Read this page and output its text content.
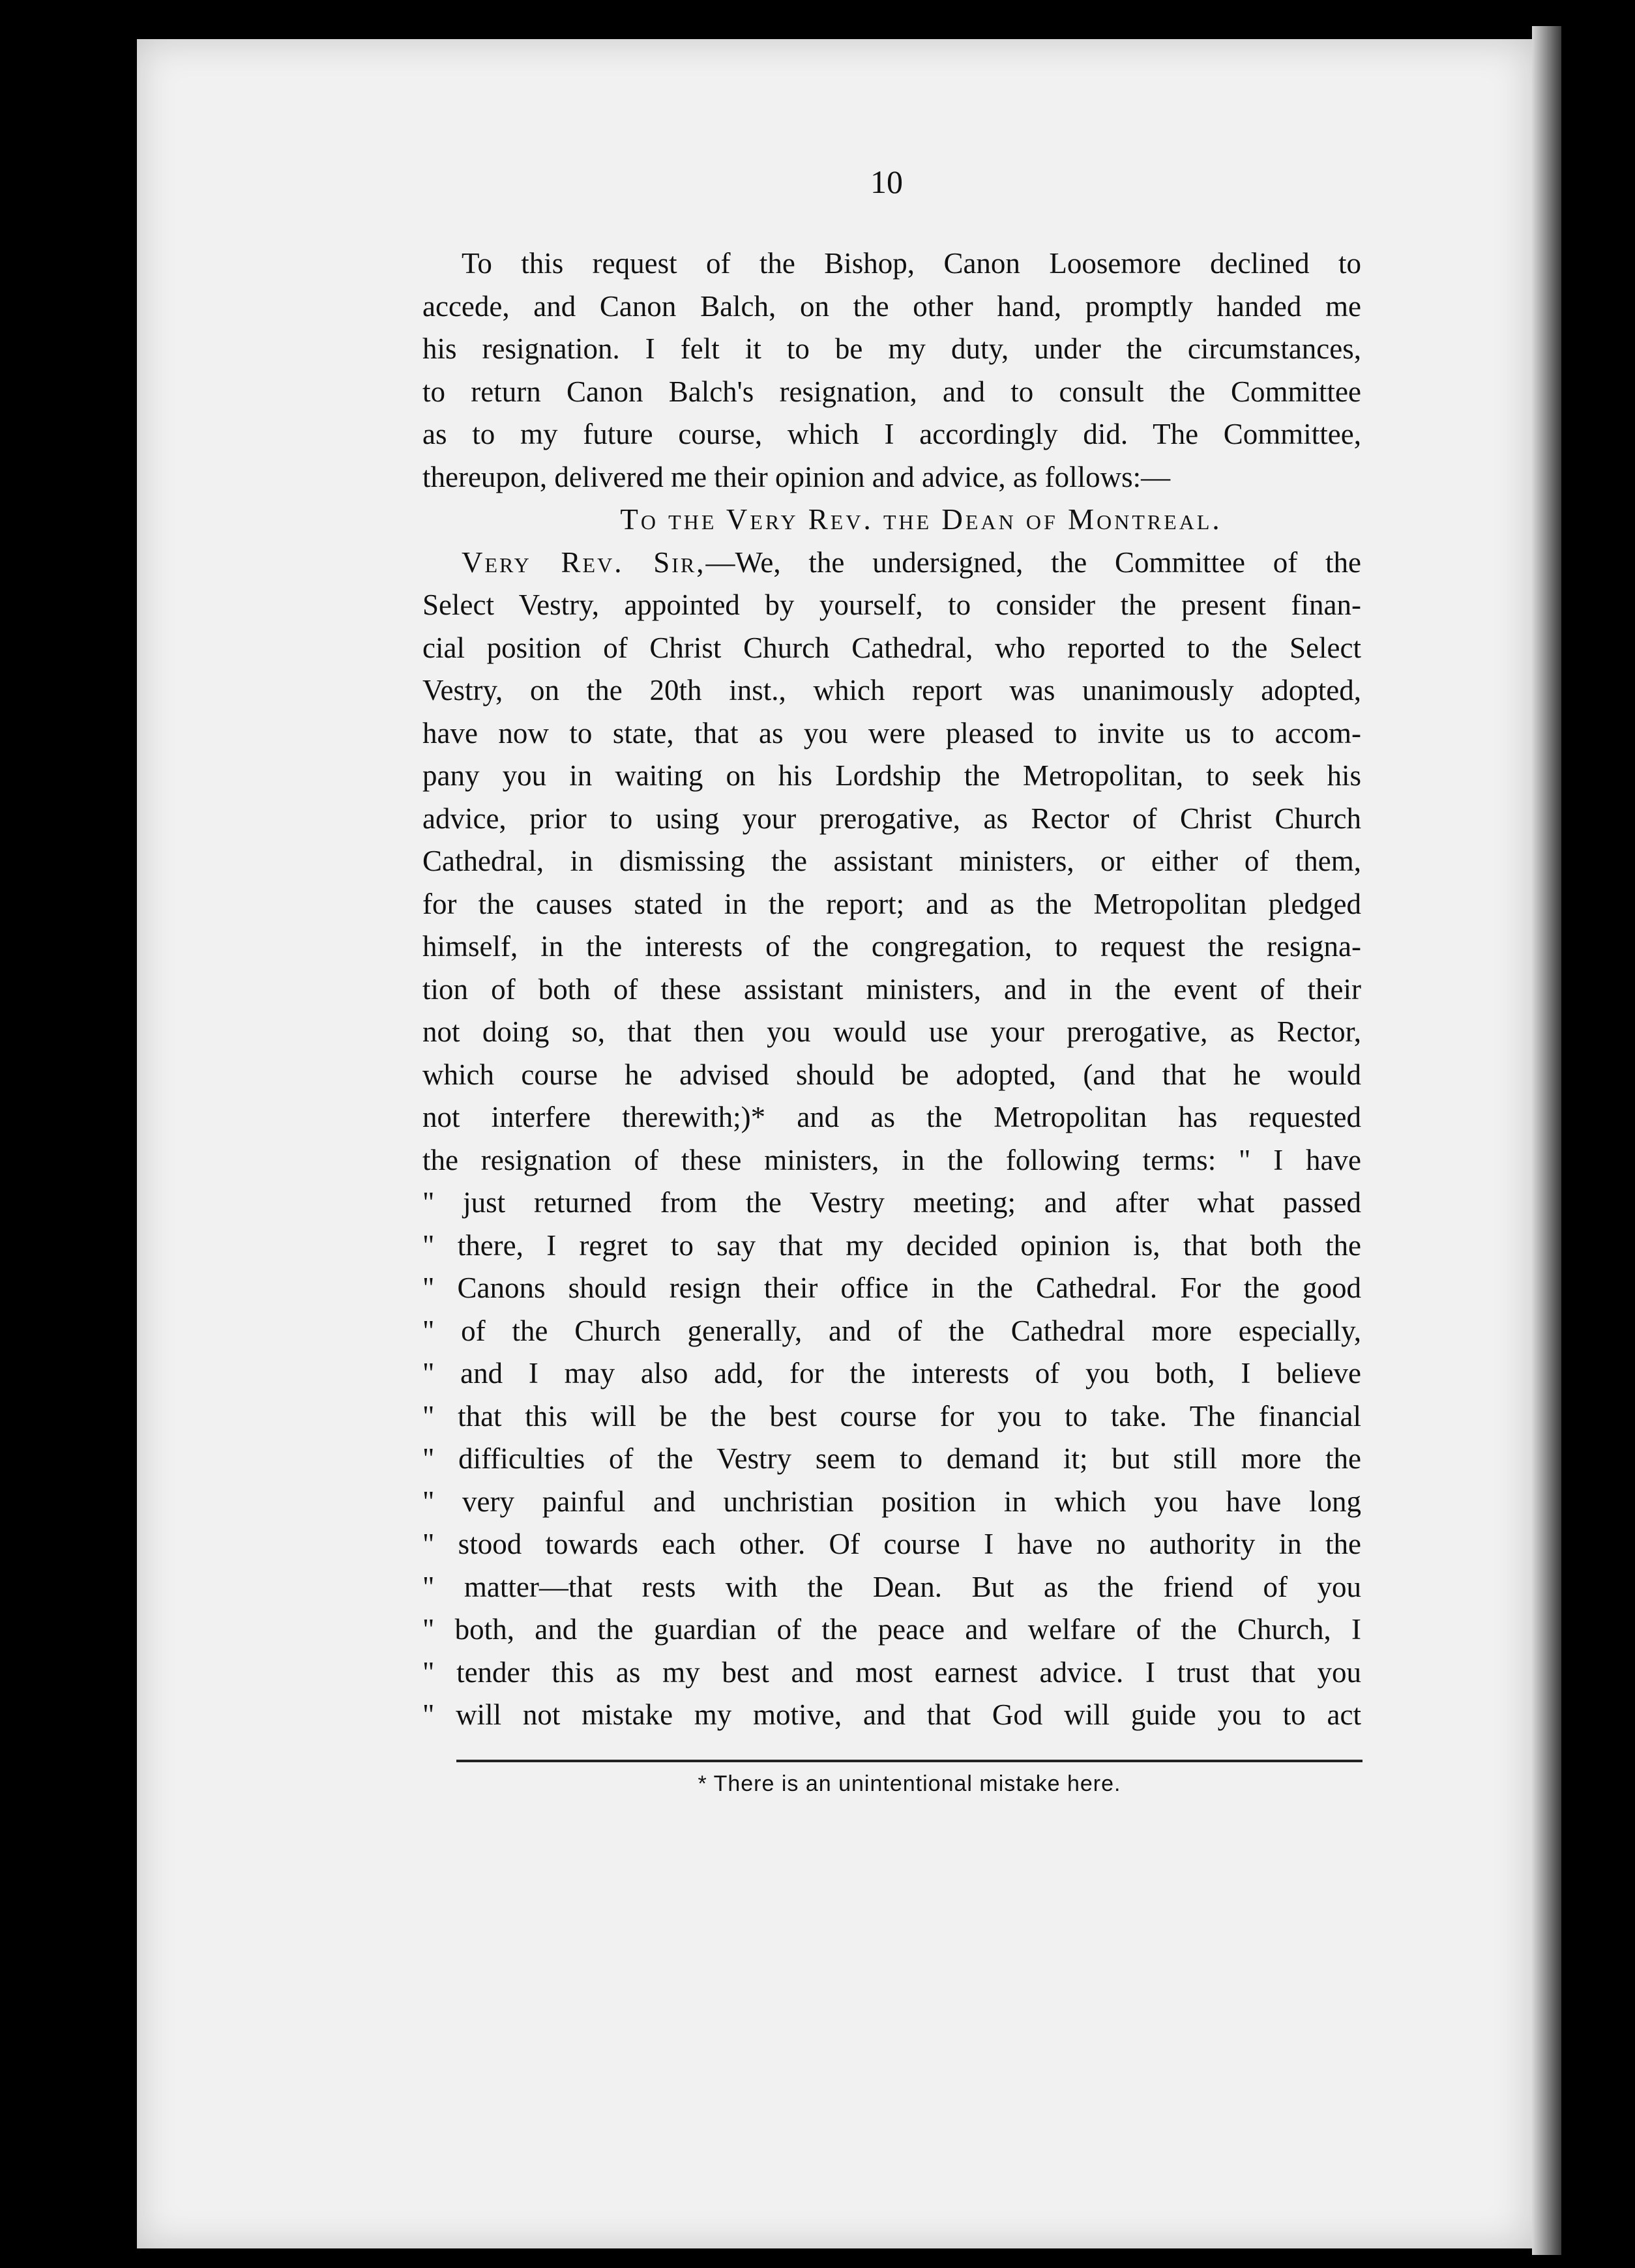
10
To this request of the Bishop, Canon Loosemore declined to
accede, and Canon Balch, on the other hand, promptly handed me
his resignation. I felt it to be my duty, under the circumstances,
to return Canon Balch's resignation, and to consult the Committee
as to my future course, which I accordingly did. The Committee,
thereupon, delivered me their opinion and advice, as follows:—
To the Very Rev. the Dean of Montreal.
Very Rev. Sir,—We, the undersigned, the Committee of the
Select Vestry, appointed by yourself, to consider the present finan-
cial position of Christ Church Cathedral, who reported to the Select
Vestry, on the 20th inst., which report was unanimously adopted,
have now to state, that as you were pleased to invite us to accom-
pany you in waiting on his Lordship the Metropolitan, to seek his
advice, prior to using your prerogative, as Rector of Christ Church
Cathedral, in dismissing the assistant ministers, or either of them,
for the causes stated in the report; and as the Metropolitan pledged
himself, in the interests of the congregation, to request the resigna-
tion of both of these assistant ministers, and in the event of their
not doing so, that then you would use your prerogative, as Rector,
which course he advised should be adopted, (and that he would
not interfere therewith;)* and as the Metropolitan has requested
the resignation of these ministers, in the following terms: " I have
" just returned from the Vestry meeting; and after what passed
" there, I regret to say that my decided opinion is, that both the
" Canons should resign their office in the Cathedral. For the good
" of the Church generally, and of the Cathedral more especially,
" and I may also add, for the interests of you both, I believe
" that this will be the best course for you to take. The financial
" difficulties of the Vestry seem to demand it; but still more the
" very painful and unchristian position in which you have long
" stood towards each other. Of course I have no authority in the
" matter—that rests with the Dean. But as the friend of you
" both, and the guardian of the peace and welfare of the Church, I
" tender this as my best and most earnest advice. I trust that you
" will not mistake my motive, and that God will guide you to act
* There is an unintentional mistake here.
